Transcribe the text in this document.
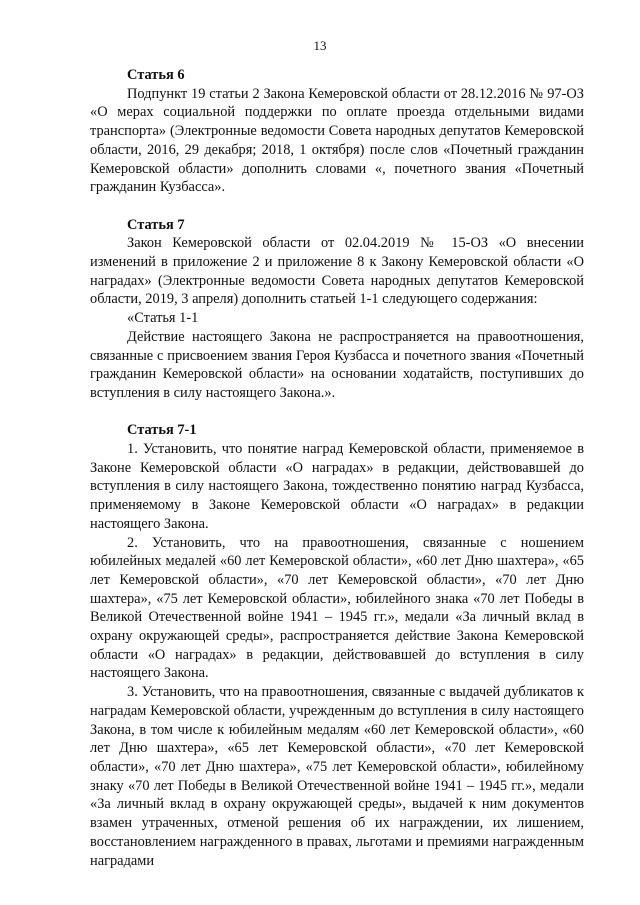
13
Статья 6

Подпункт 19 статьи 2 Закона Кемеровской области от 28.12.2016 № 97-ОЗ «О мерах социальной поддержки по оплате проезда отдельными видами транспорта» (Электронные ведомости Совета народных депутатов Кемеровской области, 2016, 29 декабря; 2018, 1 октября) после слов «Почетный гражданин Кемеровской области» дополнить словами «, почетного звания «Почетный гражданин Кузбасса».

Статья 7

Закон Кемеровской области от 02.04.2019 № 15-ОЗ «О внесении изменений в приложение 2 и приложение 8 к Закону Кемеровской области «О наградах» (Электронные ведомости Совета народных депутатов Кемеровской области, 2019, 3 апреля) дополнить статьей 1-1 следующего содержания:

«Статья 1-1

Действие настоящего Закона не распространяется на правоотношения, связанные с присвоением звания Героя Кузбасса и почетного звания «Почетный гражданин Кемеровской области» на основании ходатайств, поступивших до вступления в силу настоящего Закона.».

Статья 7-1

1. Установить, что понятие наград Кемеровской области, применяемое в Законе Кемеровской области «О наградах» в редакции, действовавшей до вступления в силу настоящего Закона, тождественно понятию наград Кузбасса, применяемому в Законе Кемеровской области «О наградах» в редакции настоящего Закона.

2. Установить, что на правоотношения, связанные с ношением юбилейных медалей «60 лет Кемеровской области», «60 лет Дню шахтера», «65 лет Кемеровской области», «70 лет Кемеровской области», «70 лет Дню шахтера», «75 лет Кемеровской области», юбилейного знака «70 лет Победы в Великой Отечественной войне 1941 – 1945 гг.», медали «За личный вклад в охрану окружающей среды», распространяется действие Закона Кемеровской области «О наградах» в редакции, действовавшей до вступления в силу настоящего Закона.

3. Установить, что на правоотношения, связанные с выдачей дубликатов к наградам Кемеровской области, учрежденным до вступления в силу настоящего Закона, в том числе к юбилейным медалям «60 лет Кемеровской области», «60 лет Дню шахтера», «65 лет Кемеровской области», «70 лет Кемеровской области», «70 лет Дню шахтера», «75 лет Кемеровской области», юбилейному знаку «70 лет Победы в Великой Отечественной войне 1941 – 1945 гг.», медали «За личный вклад в охрану окружающей среды», выдачей к ним документов взамен утраченных, отменой решения об их награждении, их лишением, восстановлением награжденного в правах, льготами и премиями награжденным наградами
